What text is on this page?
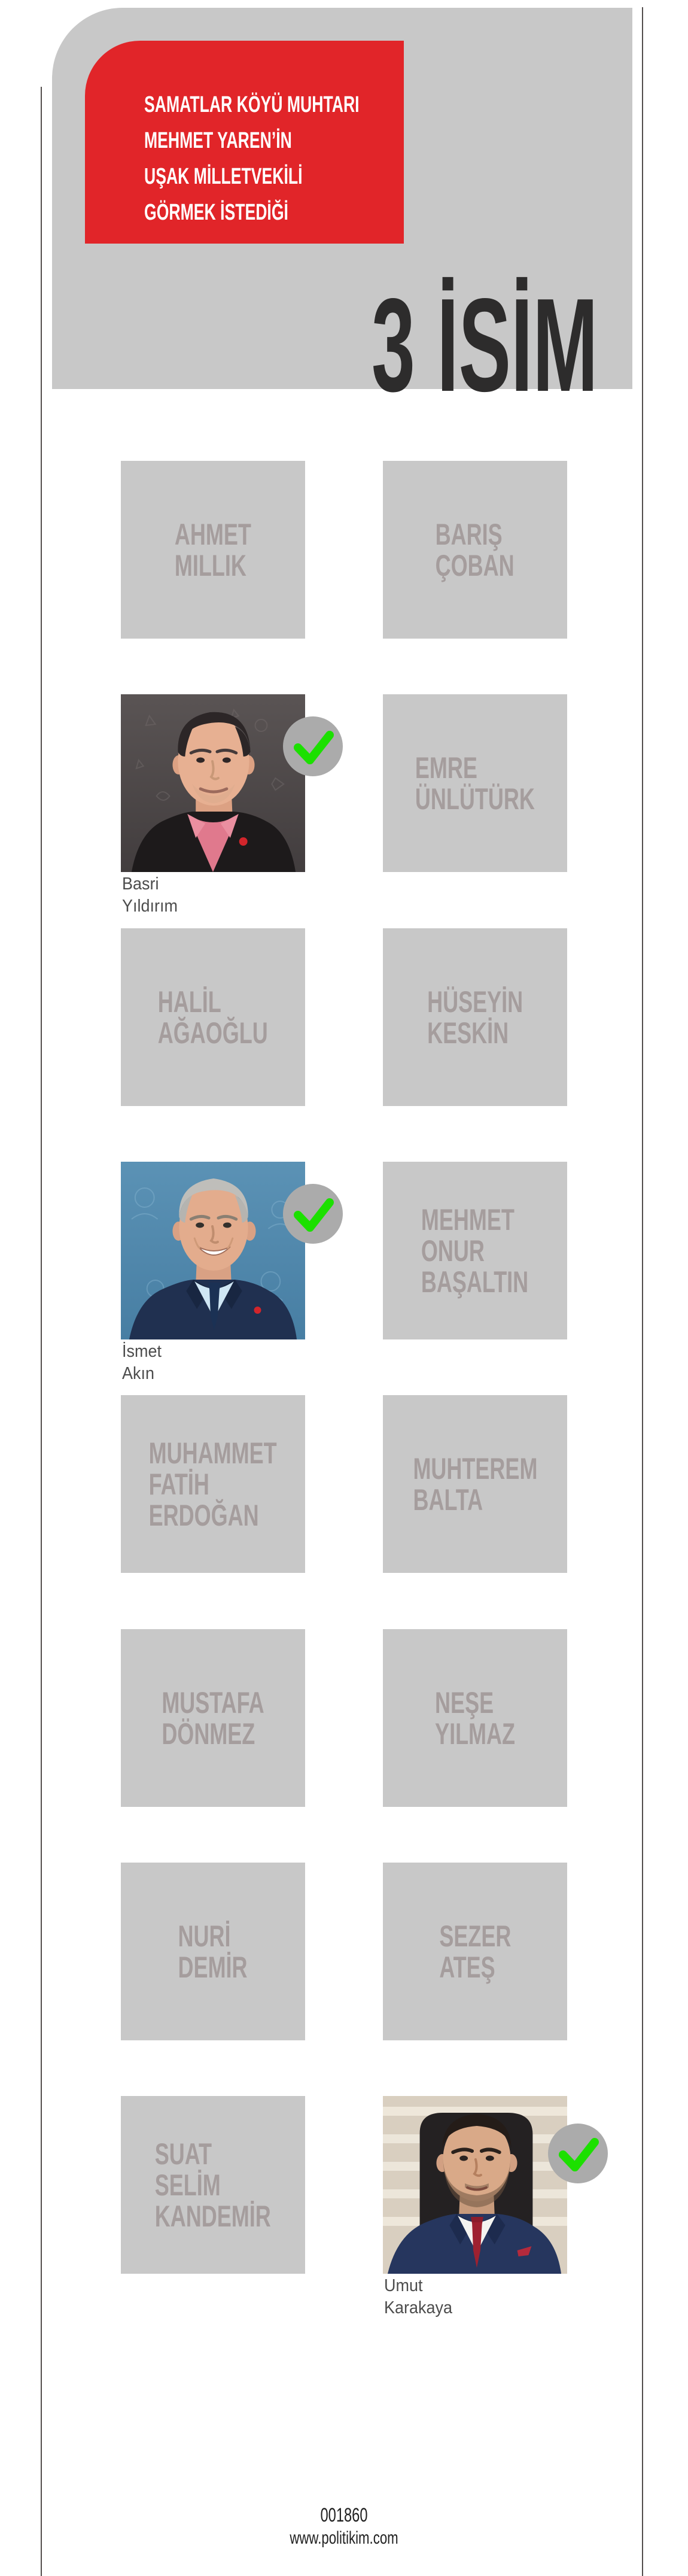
SAMATLAR KÖYÜ MUHTARI
MEHMET YAREN’İN
UŞAK MİLLETVEKİLİ
GÖRMEK İSTEDİĞİ
3 İSİM
AHMET
MILLIK
BARIŞ
ÇOBAN
Basri
Yıldırım
EMRE
ÜNLÜTÜRK
HALİL
AĞAOĞLU
HÜSEYİN
KESKİN
İsmet
Akın
MEHMET
ONUR
BAŞALTIN
MUHAMMET
FATİH
ERDOĞAN
MUHTEREM
BALTA
MUSTAFA
DÖNMEZ
NEŞE
YILMAZ
NURİ
DEMİR
SEZER
ATEŞ
SUAT
SELİM
KANDEMİR
Umut
Karakaya
001860
www.politikim.com
